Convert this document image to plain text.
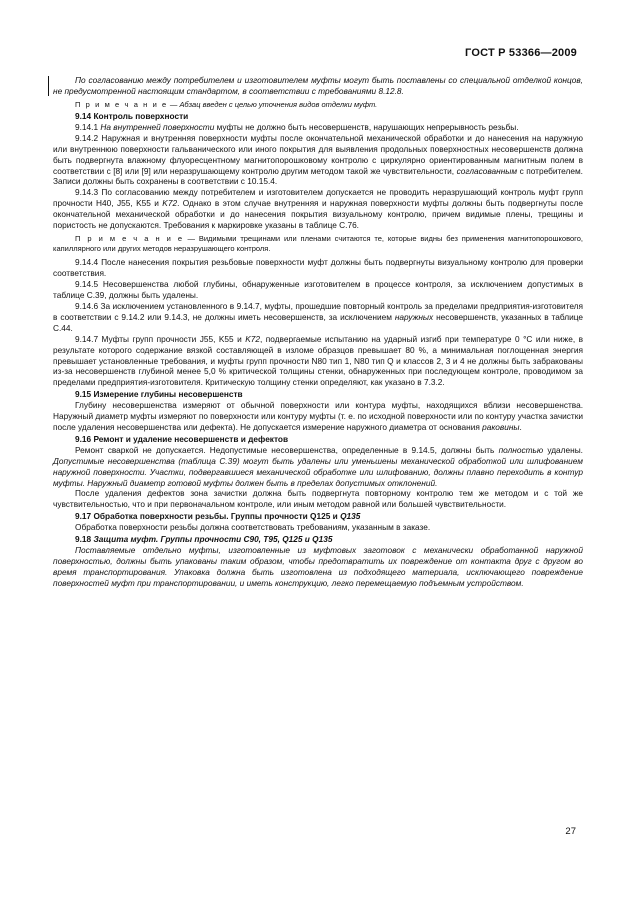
ГОСТ Р 53366—2009

По согласованию между потребителем и изготовителем муфты могут быть поставлены со специальной отделкой концов, не предусмотренной настоящим стандартом, в соответствии с требованиями 8.12.8.

П р и м е ч а н и е — Абзац введен с целью уточнения видов отделки муфт.

9.14 Контроль поверхности

9.14.1 На внутренней поверхности муфты не должно быть несовершенств, нарушающих непрерывность резьбы.

9.14.2 Наружная и внутренняя поверхности муфты после окончательной механической обработки и до нанесения на наружную или внутреннюю поверхности гальванического или иного покрытия для выявления продольных поверхностных несовершенств должна быть подвергнута влажному флуоресцентному магнитопорошковому контролю с циркулярно ориентированным магнитным полем в соответствии с [8] или [9] или неразрушающему контролю другим методом такой же чувствительности, согласованным с потребителем. Записи должны быть сохранены в соответствии с 10.15.4.

9.14.3 По согласованию между потребителем и изготовителем допускается не проводить неразрушающий контроль муфт групп прочности Н40, J55, K55 и K72. Однако в этом случае внутренняя и наружная поверхности муфты должны быть подвергнуты после окончательной механической обработки и до нанесения покрытия визуальному контролю, причем видимые плены, трещины и пористость не допускаются. Требования к маркировке указаны в таблице С.76.

П р и м е ч а н и е — Видимыми трещинами или пленами считаются те, которые видны без применения магнитопорошкового, капиллярного или других методов неразрушающего контроля.

9.14.4 После нанесения покрытия резьбовые поверхности муфт должны быть подвергнуты визуальному контролю для проверки соответствия.

9.14.5 Несовершенства любой глубины, обнаруженные изготовителем в процессе контроля, за исключением допустимых в таблице С.39, должны быть удалены.

9.14.6 За исключением установленного в 9.14.7, муфты, прошедшие повторный контроль за пределами предприятия-изготовителя в соответствии с 9.14.2 или 9.14.3, не должны иметь несовершенств, за исключением наружных несовершенств, указанных в таблице С.44.

9.14.7 Муфты групп прочности J55, K55 и K72, подвергаемые испытанию на ударный изгиб при температуре 0 °С или ниже, в результате которого содержание вязкой составляющей в изломе образцов превышает 80 %, а минимальная поглощенная энергия превышает установленные требования, и муфты групп прочности N80 тип 1, N80 тип Q и классов 2, 3 и 4 не должны быть забракованы из-за несовершенств глубиной менее 5,0 % критической толщины стенки, обнаруженных при последующем контроле, проводимом за пределами предприятия-изготовителя. Критическую толщину стенки определяют, как указано в 7.3.2.

9.15 Измерение глубины несовершенств

Глубину несовершенства измеряют от обычной поверхности или контура муфты, находящихся вблизи несовершенства. Наружный диаметр муфты измеряют по поверхности или контуру муфты (т. е. по исходной поверхности или по контуру участка зачистки после удаления несовершенства или дефекта). Не допускается измерение наружного диаметра от основания раковины.

9.16 Ремонт и удаление несовершенств и дефектов

Ремонт сваркой не допускается. Недопустимые несовершенства, определенные в 9.14.5, должны быть полностью удалены. Допустимые несовершенства (таблица С.39) могут быть удалены или уменьшены механической обработкой или шлифованием наружной поверхности. Участки, подвергавшиеся механической обработке или шлифованию, должны плавно переходить в контур муфты. Наружный диаметр готовой муфты должен быть в пределах допустимых отклонений.

После удаления дефектов зона зачистки должна быть подвергнута повторному контролю тем же методом и с той же чувствительностью, что и при первоначальном контроле, или иным методом равной или большей чувствительности.

9.17 Обработка поверхности резьбы. Группы прочности Q125 и Q135

Обработка поверхности резьбы должна соответствовать требованиям, указанным в заказе.

9.18 Защита муфт. Группы прочности С90, Т95, Q125 и Q135

Поставляемые отдельно муфты, изготовленные из муфтовых заготовок с механически обработанной наружной поверхностью, должны быть упакованы таким образом, чтобы предотвратить их повреждение от контакта друг с другом во время транспортирования. Упаковка должна быть изготовлена из подходящего материала, исключающего повреждение поверхностей муфт при транспортировании, и иметь конструкцию, легко перемещаемую подъемным устройством.

27
